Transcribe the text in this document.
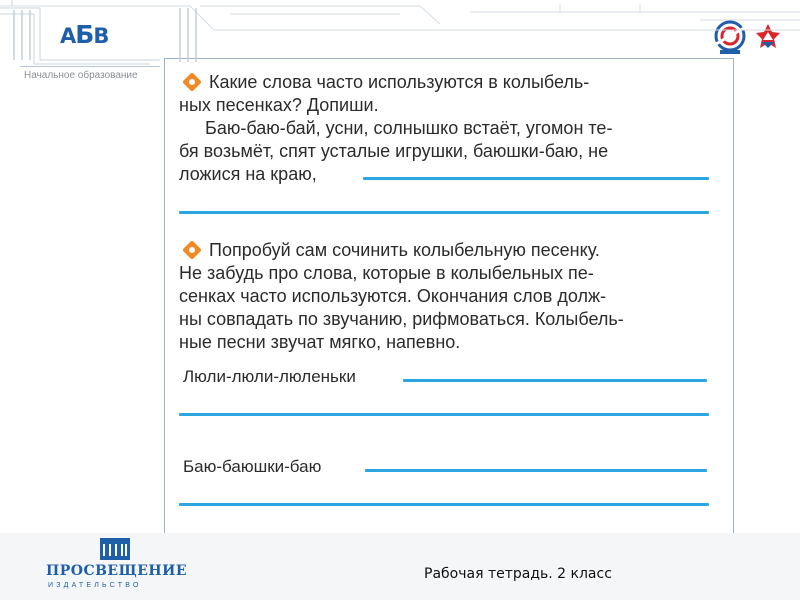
АБВ
Начальное образование	Какие слова часто используются в колыбель-
ных песенках? Допиши.
Баю-баю-бай, усни, солнышко встаёт, угомон те-
бя возьмёт, спят усталые игрушки, баюшки-баю, не
ложися на краю,
Попробуй сам сочинить колыбельную песенку.
Не забудь про слова, которые в колыбельных пе-
сенках часто используются. Окончания слов долж-
ны совпадать по звучанию, рифмоваться. Колыбель-
ные песни звучат мягко, напевно.
Люли-люли-люленьки
Баю-баюшки-баю
ПРОСВЕЩЕНИЕ
ИЗДАТЕЛЬСТВО
Рабочая тетрадь. 2 класс
